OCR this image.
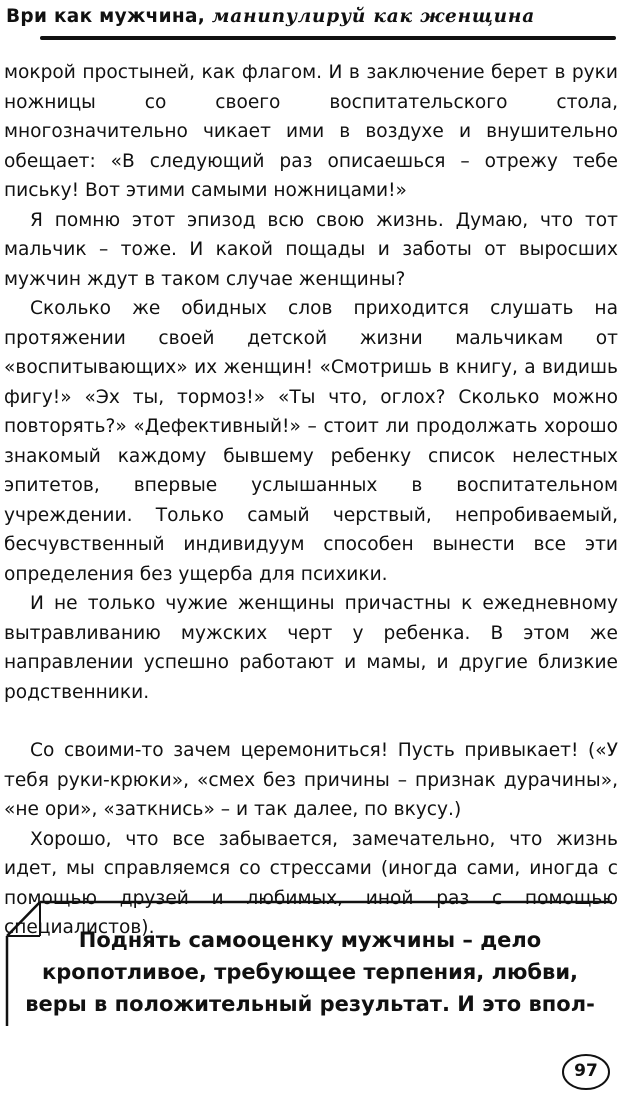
Ври как мужчина, манипулируй как женщина

мокрой простыней, как флагом. И в заключение берет в руки ножницы со своего воспитательского стола, многозначительно чикает ими в воздухе и внушительно обещает: «В следующий раз описаешься – отрежу тебе письку! Вот этими самыми ножницами!»

Я помню этот эпизод всю свою жизнь. Думаю, что тот мальчик – тоже. И какой пощады и заботы от выросших мужчин ждут в таком случае женщины?

Сколько же обидных слов приходится слушать на протяжении своей детской жизни мальчикам от «воспитывающих» их женщин! «Смотришь в книгу, а видишь фигу!» «Эх ты, тормоз!» «Ты что, оглох? Сколько можно повторять?» «Дефективный!» – стоит ли продолжать хорошо знакомый каждому бывшему ребенку список нелестных эпитетов, впервые услышанных в воспитательном учреждении. Только самый черствый, непробиваемый, бесчувственный индивидуум способен вынести все эти определения без ущерба для психики.

И не только чужие женщины причастны к ежедневному вытравливанию мужских черт у ребенка. В этом же направлении успешно работают и мамы, и другие близкие родственники.

Со своими-то зачем церемониться! Пусть привыкает! («У тебя руки-крюки», «смех без причины – признак дурачины», «не ори», «заткнись» – и так далее, по вкусу.)

Хорошо, что все забывается, замечательно, что жизнь идет, мы справляемся со стрессами (иногда сами, иногда с помощью друзей и любимых, иной раз с помощью специалистов).

Поднять самооценку мужчины – дело кропотливое, требующее терпения, любви, веры в положительный результат. И это впол-
97
